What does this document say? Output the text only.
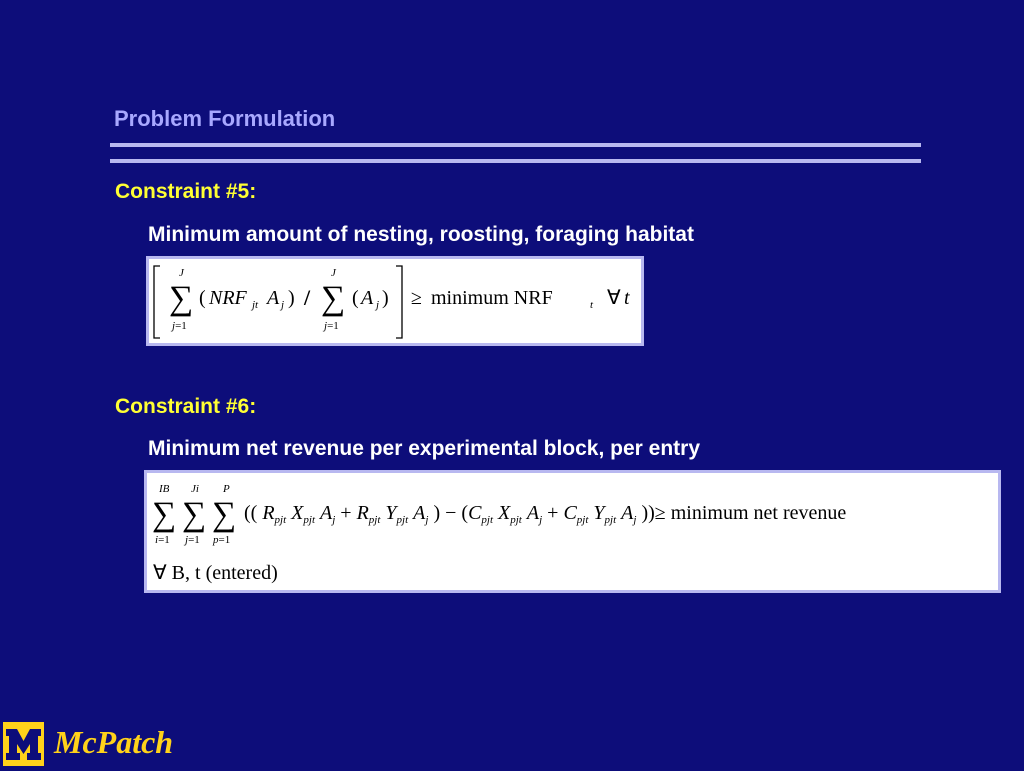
Problem Formulation
Constraint #5:
Minimum amount of nesting, roosting, foraging habitat
J
∑
j=1
( NRF jt A j ) /
J
∑
j=1
( A j ) ≥ minimum NRF	t ∀ t
Constraint #6:
Minimum net revenue per experimental block, per entry
IB
∑
i=1
Ji
∑
j=1
P
∑
p=1
(( $R_{pjt}$ $X_{pjt}$ $A_j + R_{pjt}$ $Y_{pjt}$ $A_j$ ) − ($C_{pjt}$ $X_{pjt}$ $A_j + C_{pjt}$ $Y_{pjt}$ $A_j$ ))≥ minimum net revenue
∀ B, t (entered)
McPatch
